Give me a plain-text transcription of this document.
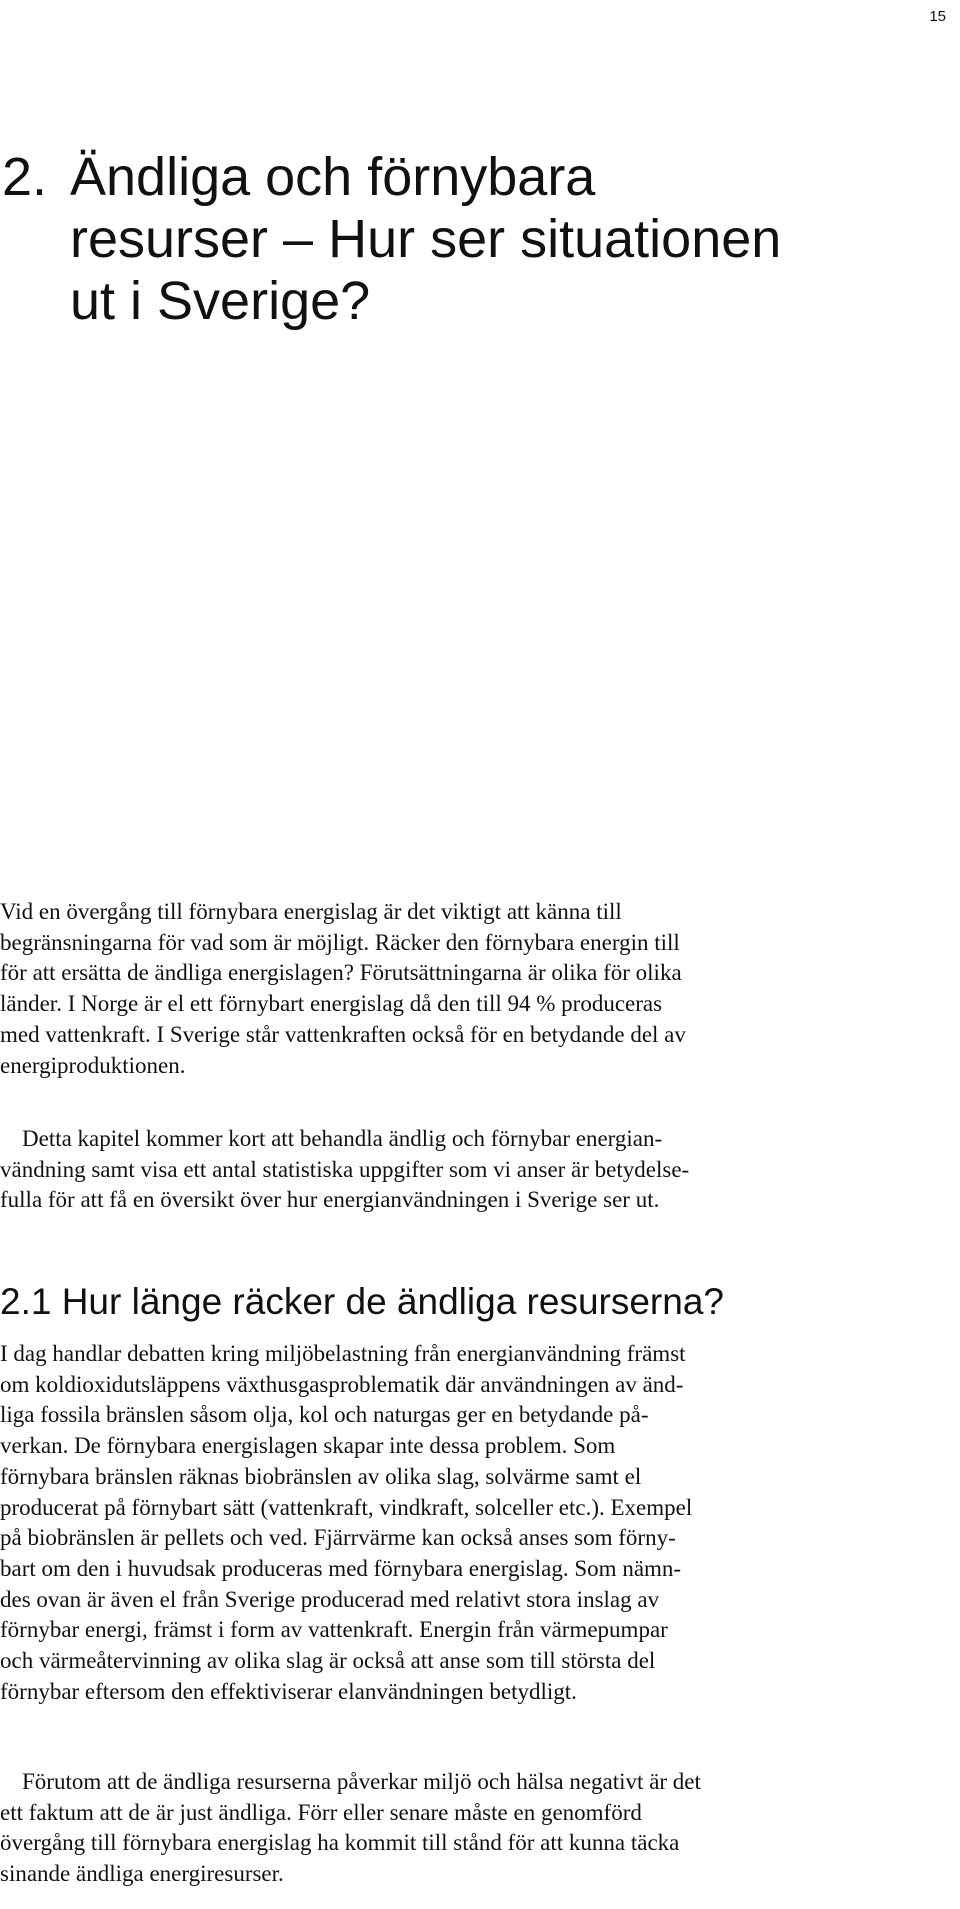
15
2. Ändliga och förnybara
resurser – Hur ser situationen
ut i Sverige?
Vid en övergång till förnybara energislag är det viktigt att känna till
begränsningarna för vad som är möjligt. Räcker den förnybara energin till
för att ersätta de ändliga energislagen? Förutsättningarna är olika för olika
länder. I Norge är el ett förnybart energislag då den till 94 % produceras
med vattenkraft. I Sverige står vattenkraften också för en betydande del av
energiproduktionen.
Detta kapitel kommer kort att behandla ändlig och förnybar energian-
vändning samt visa ett antal statistiska uppgifter som vi anser är betydelse-
fulla för att få en översikt över hur energianvändningen i Sverige ser ut.
2.1 Hur länge räcker de ändliga resurserna?
I dag handlar debatten kring miljöbelastning från energianvändning främst
om koldioxidutsläppens växthusgasproblematik där användningen av änd-
liga fossila bränslen såsom olja, kol och naturgas ger en betydande på-
verkan. De förnybara energislagen skapar inte dessa problem. Som
förnybara bränslen räknas biobränslen av olika slag, solvärme samt el
producerat på förnybart sätt (vattenkraft, vindkraft, solceller etc.). Exempel
på biobränslen är pellets och ved. Fjärrvärme kan också anses som förny-
bart om den i huvudsak produceras med förnybara energislag. Som nämn-
des ovan är även el från Sverige producerad med relativt stora inslag av
förnybar energi, främst i form av vattenkraft. Energin från värmepumpar
och värmeåtervinning av olika slag är också att anse som till största del
förnybar eftersom den effektiviserar elanvändningen betydligt.
Förutom att de ändliga resurserna påverkar miljö och hälsa negativt är det
ett faktum att de är just ändliga. Förr eller senare måste en genomförd
övergång till förnybara energislag ha kommit till stånd för att kunna täcka
sinande ändliga energiresurser.
